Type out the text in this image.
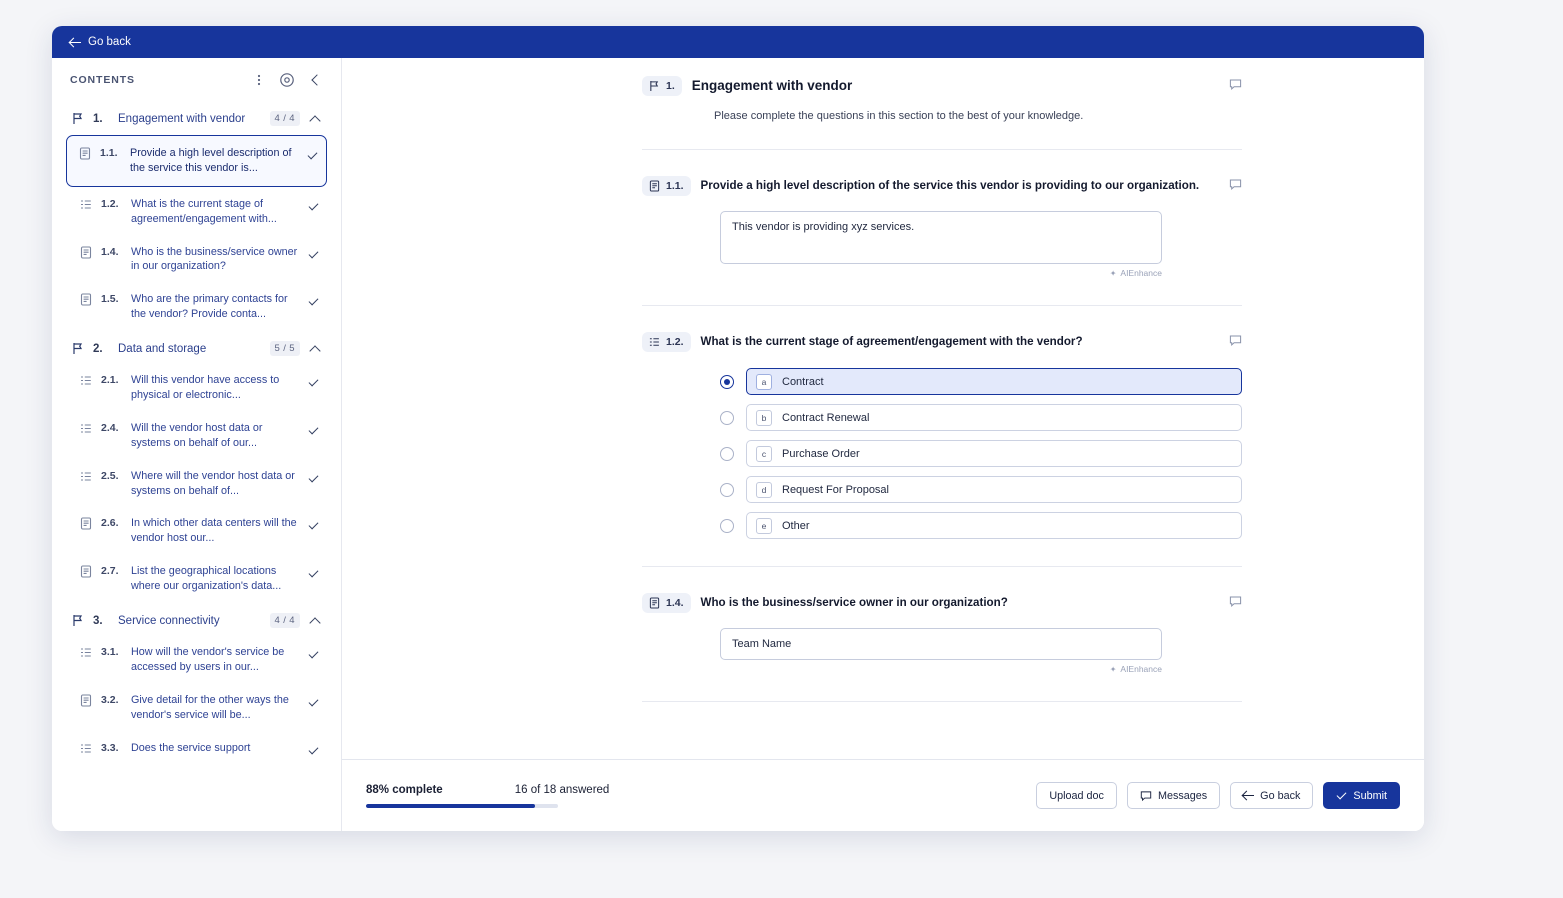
Go back
CONTENTS
1.	Engagement with vendor	4 / 4
1.1.	Provide a high level description of the service this vendor is...
1.2.	What is the current stage of agreement/engagement with...
1.4.	Who is the business/service owner in our organization?
1.5.	Who are the primary contacts for the vendor? Provide conta...
2.	Data and storage	5 / 5
2.1.	Will this vendor have access to physical or electronic...
2.4.	Will the vendor host data or systems on behalf of our...
2.5.	Where will the vendor host data or systems on behalf of...
2.6.	In which other data centers will the vendor host our...
2.7.	List the geographical locations where our organization's data...
3.	Service connectivity	4 / 4
3.1.	How will the vendor's service be accessed by users in our...
3.2.	Give detail for the other ways the vendor's service will be...
3.3.	Does the service support
1. Engagement with vendor
Please complete the questions in this section to the best of your knowledge.
1.1. Provide a high level description of the service this vendor is providing to our organization.
This vendor is providing xyz services.
✦ AIEnhance
1.2. What is the current stage of agreement/engagement with the vendor?
a	Contract
b	Contract Renewal
c	Purchase Order
d	Request For Proposal
e	Other
1.4. Who is the business/service owner in our organization?
Team Name
✦ AIEnhance
88% complete	16 of 18 answered	Upload doc	Messages	Go back	Submit
